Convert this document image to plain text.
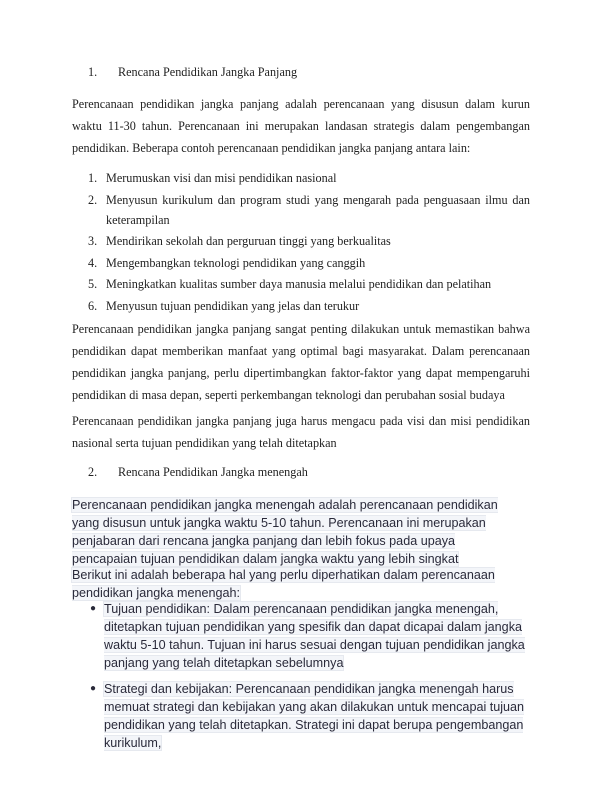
1.	Rencana Pendidikan Jangka Panjang

Perencanaan pendidikan jangka panjang adalah perencanaan yang disusun dalam kurun waktu 11-30 tahun. Perencanaan ini merupakan landasan strategis dalam pengembangan pendidikan. Beberapa contoh perencanaan pendidikan jangka panjang antara lain:

1. Merumuskan visi dan misi pendidikan nasional
2. Menyusun kurikulum dan program studi yang mengarah pada penguasaan ilmu dan keterampilan
3. Mendirikan sekolah dan perguruan tinggi yang berkualitas
4. Mengembangkan teknologi pendidikan yang canggih
5. Meningkatkan kualitas sumber daya manusia melalui pendidikan dan pelatihan
6. Menyusun tujuan pendidikan yang jelas dan terukur

Perencanaan pendidikan jangka panjang sangat penting dilakukan untuk memastikan bahwa pendidikan dapat memberikan manfaat yang optimal bagi masyarakat. Dalam perencanaan pendidikan jangka panjang, perlu dipertimbangkan faktor-faktor yang dapat mempengaruhi pendidikan di masa depan, seperti perkembangan teknologi dan perubahan sosial budaya

Perencanaan pendidikan jangka panjang juga harus mengacu pada visi dan misi pendidikan nasional serta tujuan pendidikan yang telah ditetapkan

2.	Rencana Pendidikan Jangka menengah

Perencanaan pendidikan jangka menengah adalah perencanaan pendidikan yang disusun untuk jangka waktu 5-10 tahun. Perencanaan ini merupakan penjabaran dari rencana jangka panjang dan lebih fokus pada upaya pencapaian tujuan pendidikan dalam jangka waktu yang lebih singkat

Berikut ini adalah beberapa hal yang perlu diperhatikan dalam perencanaan pendidikan jangka menengah:

● Tujuan pendidikan: Dalam perencanaan pendidikan jangka menengah, ditetapkan tujuan pendidikan yang spesifik dan dapat dicapai dalam jangka waktu 5-10 tahun. Tujuan ini harus sesuai dengan tujuan pendidikan jangka panjang yang telah ditetapkan sebelumnya
● Strategi dan kebijakan: Perencanaan pendidikan jangka menengah harus memuat strategi dan kebijakan yang akan dilakukan untuk mencapai tujuan pendidikan yang telah ditetapkan. Strategi ini dapat berupa pengembangan kurikulum,
